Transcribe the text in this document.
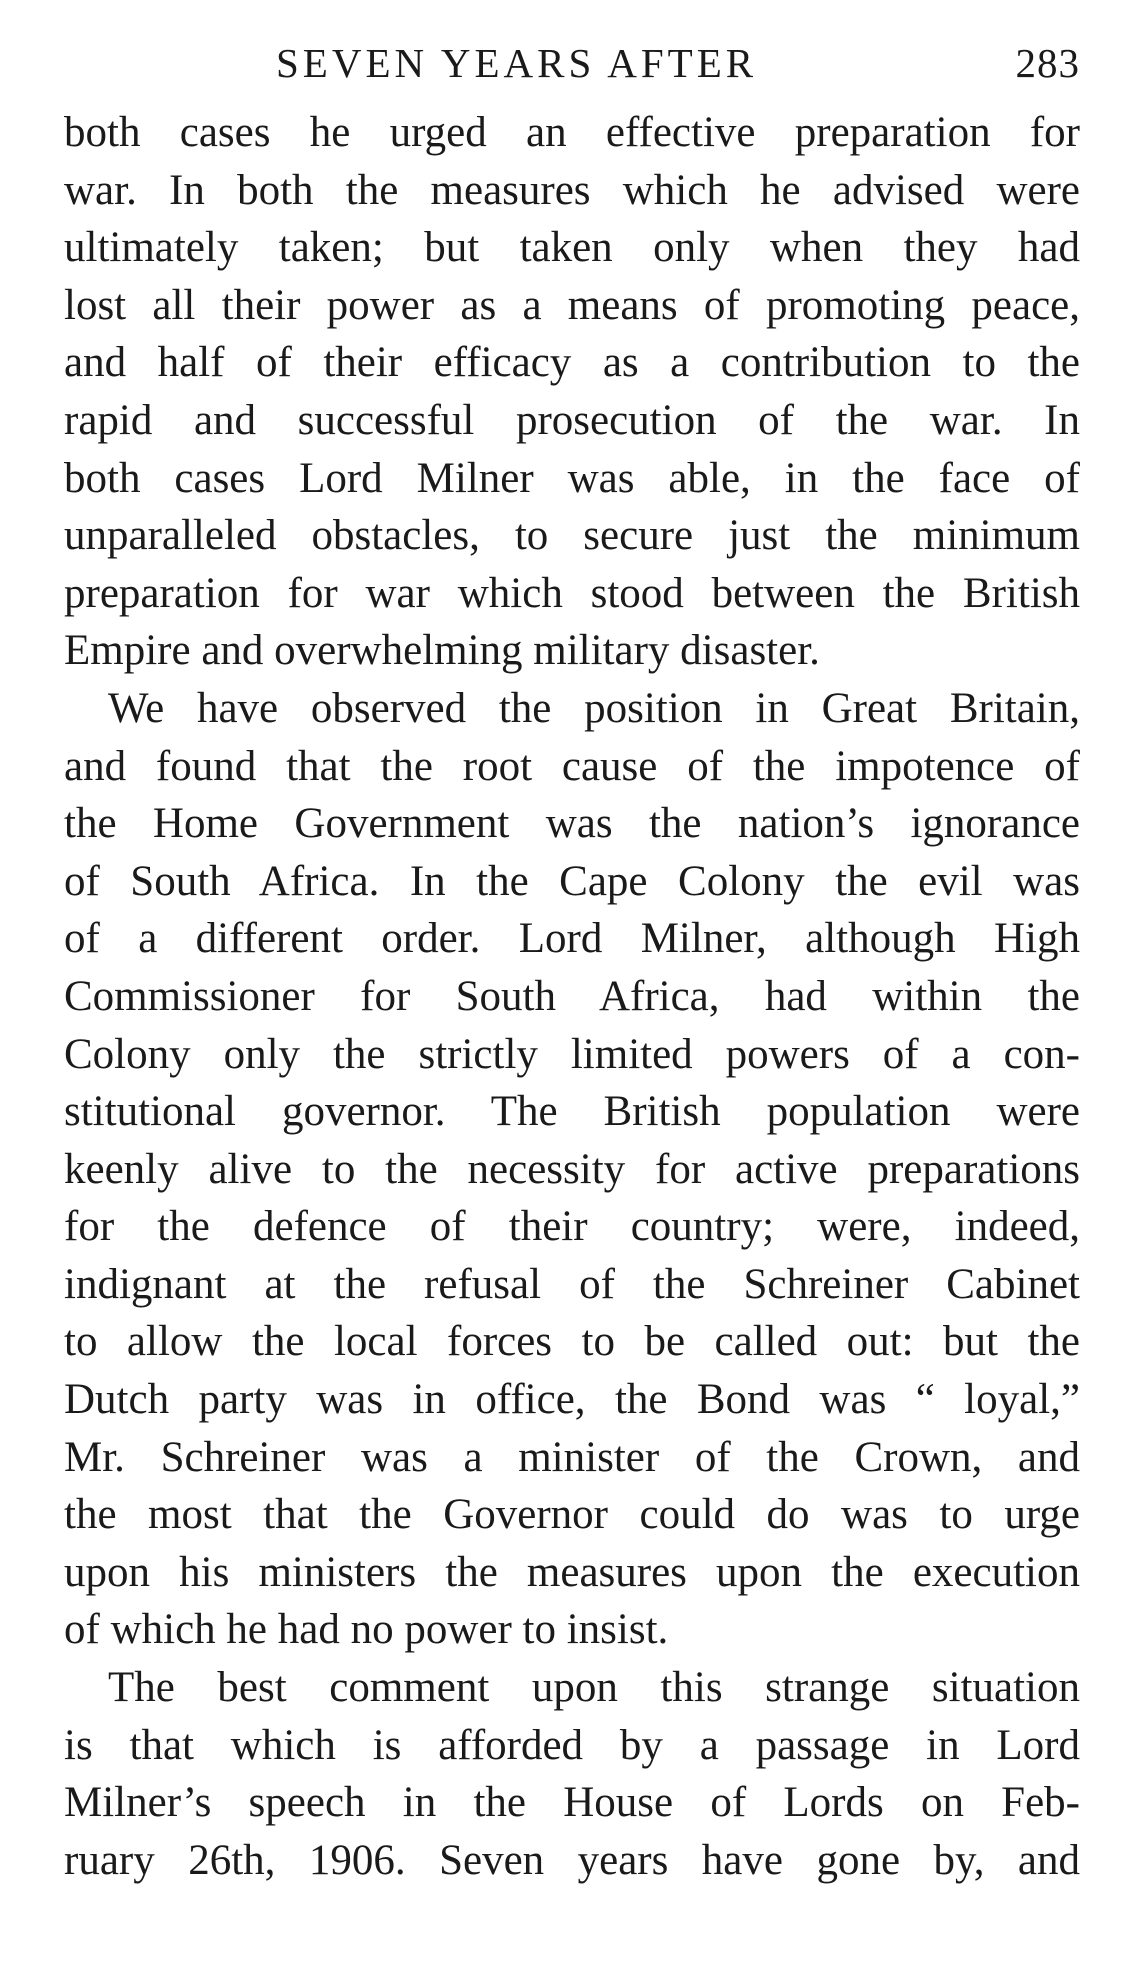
SEVEN YEARS AFTER	283

both cases he urged an effective preparation for
war. In both the measures which he advised were
ultimately taken; but taken only when they had
lost all their power as a means of promoting peace,
and half of their efficacy as a contribution to the
rapid and successful prosecution of the war. In
both cases Lord Milner was able, in the face of
unparalleled obstacles, to secure just the minimum
preparation for war which stood between the British
Empire and overwhelming military disaster.

We have observed the position in Great Britain,
and found that the root cause of the impotence of
the Home Government was the nation’s ignorance
of South Africa. In the Cape Colony the evil was
of a different order. Lord Milner, although High
Commissioner for South Africa, had within the
Colony only the strictly limited powers of a con-
stitutional governor. The British population were
keenly alive to the necessity for active preparations
for the defence of their country; were, indeed,
indignant at the refusal of the Schreiner Cabinet
to allow the local forces to be called out: but the
Dutch party was in office, the Bond was “ loyal,”
Mr. Schreiner was a minister of the Crown, and
the most that the Governor could do was to urge
upon his ministers the measures upon the execution
of which he had no power to insist.

The best comment upon this strange situation
is that which is afforded by a passage in Lord
Milner’s speech in the House of Lords on Feb-
ruary 26th, 1906. Seven years have gone by, and
